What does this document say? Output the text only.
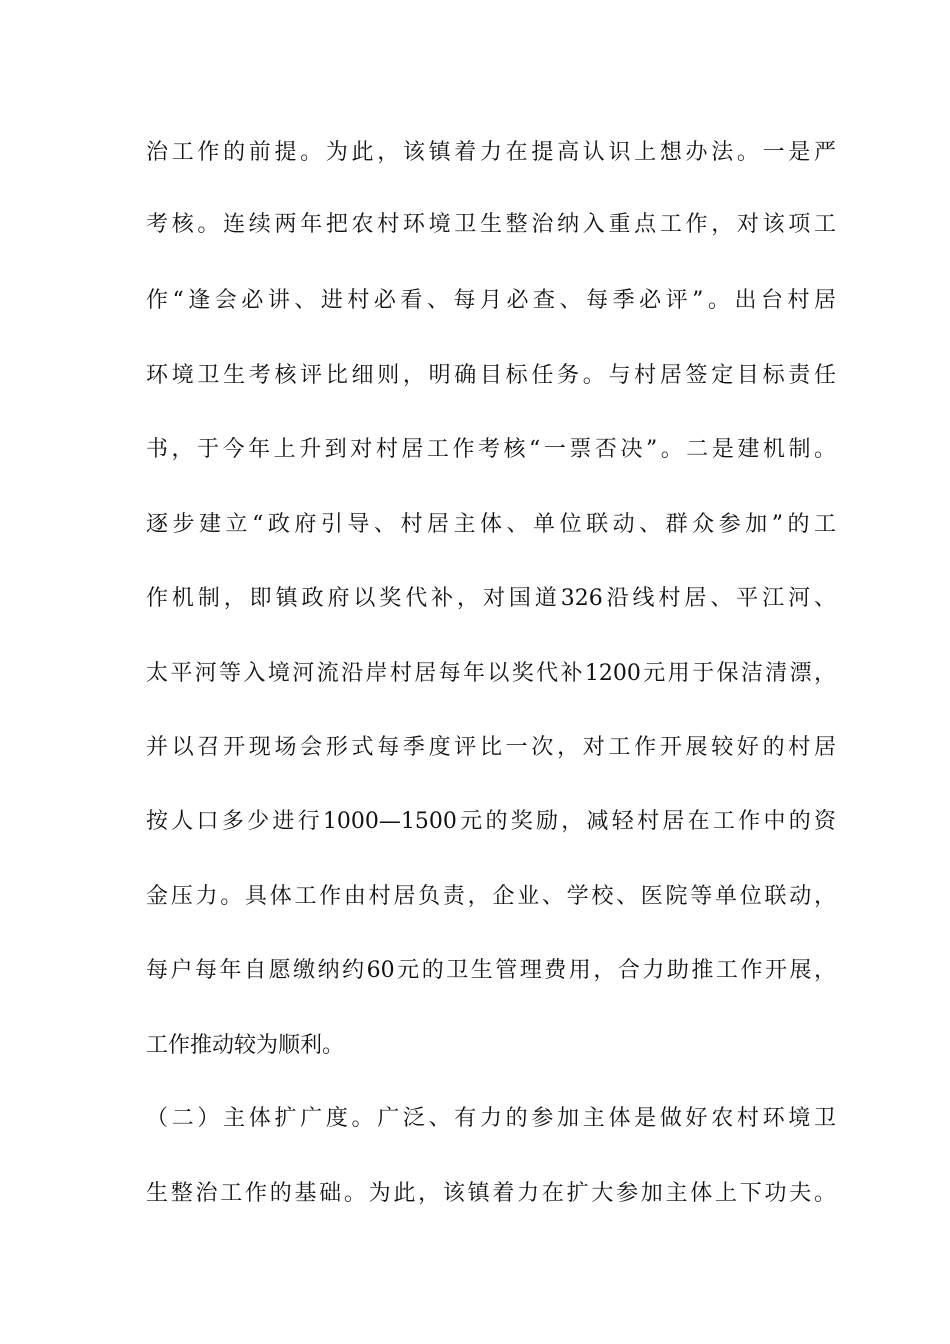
治工作的前提。为此，该镇着力在提高认识上想办法。一是严
考核。连续两年把农村环境卫生整治纳入重点工作，对该项工
作“逢会必讲、进村必看、每月必查、每季必评”。出台村居
环境卫生考核评比细则，明确目标任务。与村居签定目标责任
书，于今年上升到对村居工作考核“一票否决”。二是建机制。
逐步建立“政府引导、村居主体、单位联动、群众参加”的工
作机制，即镇政府以奖代补，对国道326沿线村居、平江河、
太平河等入境河流沿岸村居每年以奖代补1200元用于保洁清漂，
并以召开现场会形式每季度评比一次，对工作开展较好的村居
按人口多少进行1000—1500元的奖励，减轻村居在工作中的资
金压力。具体工作由村居负责，企业、学校、医院等单位联动，
每户每年自愿缴纳约60元的卫生管理费用，合力助推工作开展，
工作推动较为顺利。
（二）主体扩广度。广泛、有力的参加主体是做好农村环境卫
生整治工作的基础。为此，该镇着力在扩大参加主体上下功夫。
